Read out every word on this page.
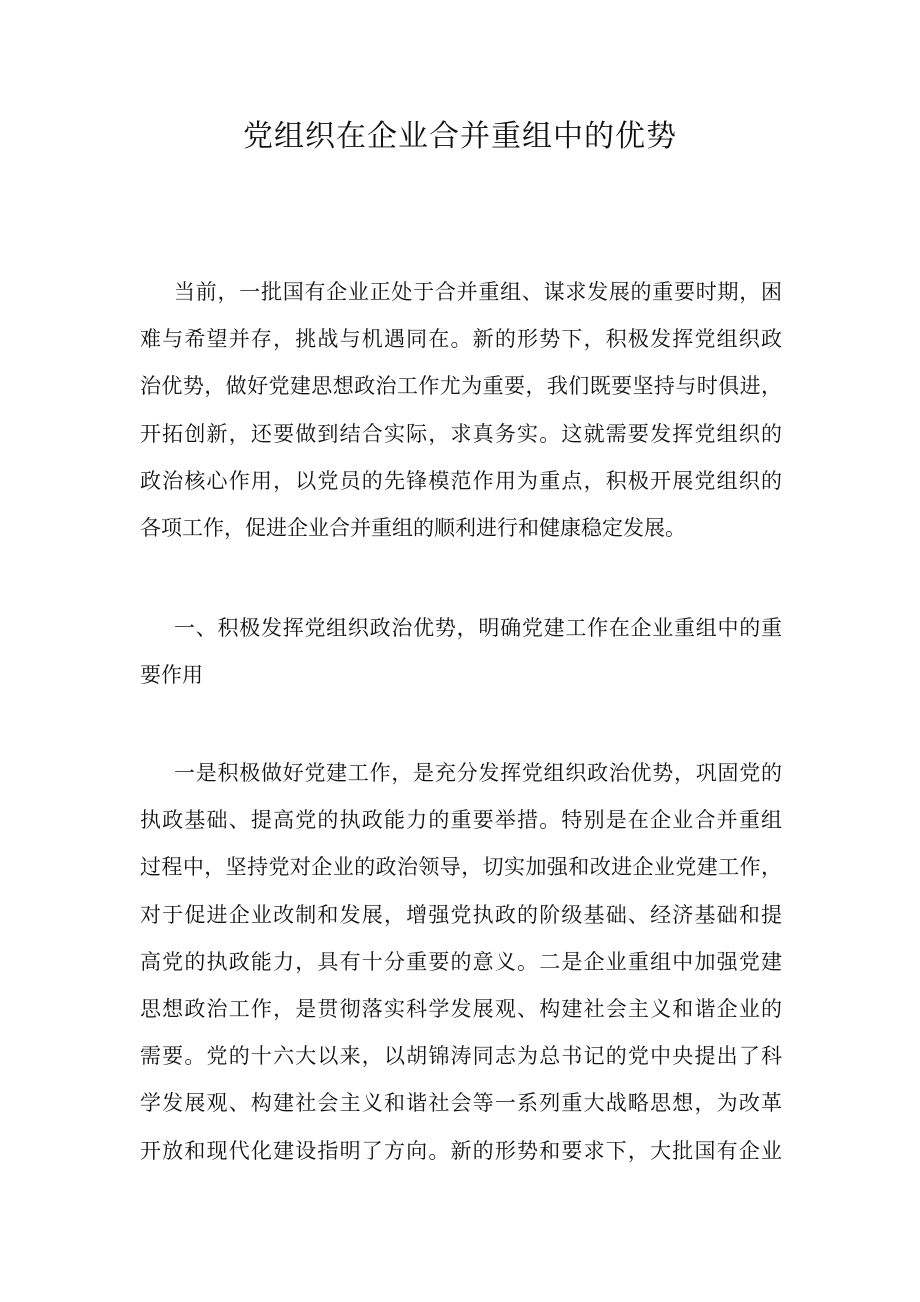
党组织在企业合并重组中的优势
当前，一批国有企业正处于合并重组、谋求发展的重要时期，困
难与希望并存，挑战与机遇同在。新的形势下，积极发挥党组织政
治优势，做好党建思想政治工作尤为重要，我们既要坚持与时俱进，
开拓创新，还要做到结合实际，求真务实。这就需要发挥党组织的
政治核心作用，以党员的先锋模范作用为重点，积极开展党组织的
各项工作，促进企业合并重组的顺利进行和健康稳定发展。
一、积极发挥党组织政治优势，明确党建工作在企业重组中的重
要作用
一是积极做好党建工作，是充分发挥党组织政治优势，巩固党的
执政基础、提高党的执政能力的重要举措。特别是在企业合并重组
过程中，坚持党对企业的政治领导，切实加强和改进企业党建工作，
对于促进企业改制和发展，增强党执政的阶级基础、经济基础和提
高党的执政能力，具有十分重要的意义。二是企业重组中加强党建
思想政治工作，是贯彻落实科学发展观、构建社会主义和谐企业的
需要。党的十六大以来，以胡锦涛同志为总书记的党中央提出了科
学发展观、构建社会主义和谐社会等一系列重大战略思想，为改革
开放和现代化建设指明了方向。新的形势和要求下，大批国有企业
